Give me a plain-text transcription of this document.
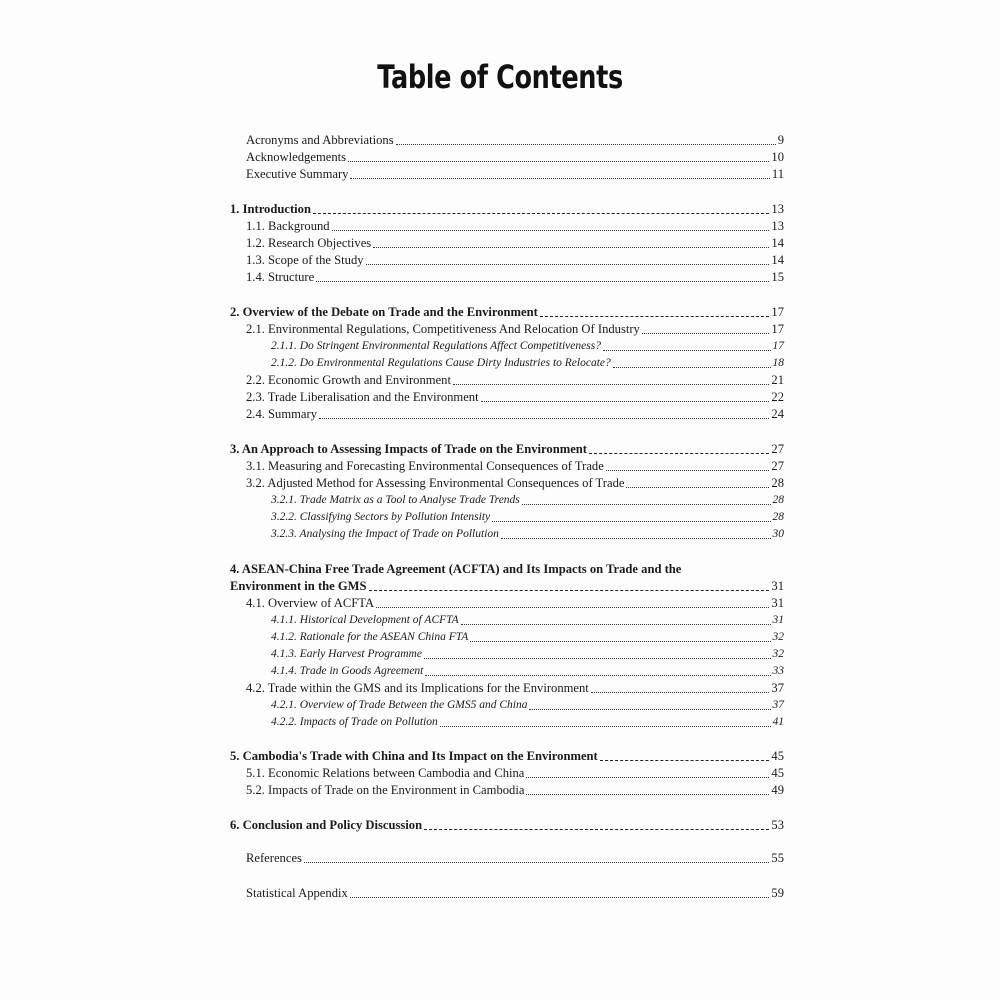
Table of Contents
Acronyms and Abbreviations	9
Acknowledgements	10
Executive Summary	11
1. Introduction	13
1.1. Background	13
1.2. Research Objectives	14
1.3. Scope of the Study	14
1.4. Structure	15
2. Overview of the Debate on Trade and the Environment	17
2.1. Environmental Regulations, Competitiveness And Relocation Of Industry	17
2.1.1. Do Stringent Environmental Regulations Affect Competitiveness?	17
2.1.2. Do Environmental Regulations Cause Dirty Industries to Relocate?	18
2.2. Economic Growth and Environment	21
2.3. Trade Liberalisation and the Environment	22
2.4. Summary	24
3. An Approach to Assessing Impacts of Trade on the Environment	27
3.1. Measuring and Forecasting Environmental Consequences of Trade	27
3.2. Adjusted Method for Assessing Environmental Consequences of Trade	28
3.2.1. Trade Matrix as a Tool to Analyse Trade Trends	28
3.2.2. Classifying Sectors by Pollution Intensity	28
3.2.3. Analysing the Impact of Trade on Pollution	30
4. ASEAN-China Free Trade Agreement (ACFTA) and Its Impacts on Trade and the
Environment in the GMS	31
4.1. Overview of ACFTA	31
4.1.1. Historical Development of ACFTA	31
4.1.2. Rationale for the ASEAN China FTA	32
4.1.3. Early Harvest Programme	32
4.1.4. Trade in Goods Agreement	33
4.2. Trade within the GMS and its Implications for the Environment	37
4.2.1. Overview of Trade Between the GMS5 and China	37
4.2.2. Impacts of Trade on Pollution	41
5. Cambodia's Trade with China and Its Impact on the Environment	45
5.1. Economic Relations between Cambodia and China	45
5.2. Impacts of Trade on the Environment in Cambodia	49
6. Conclusion and Policy Discussion	53
References	55
Statistical Appendix	59
